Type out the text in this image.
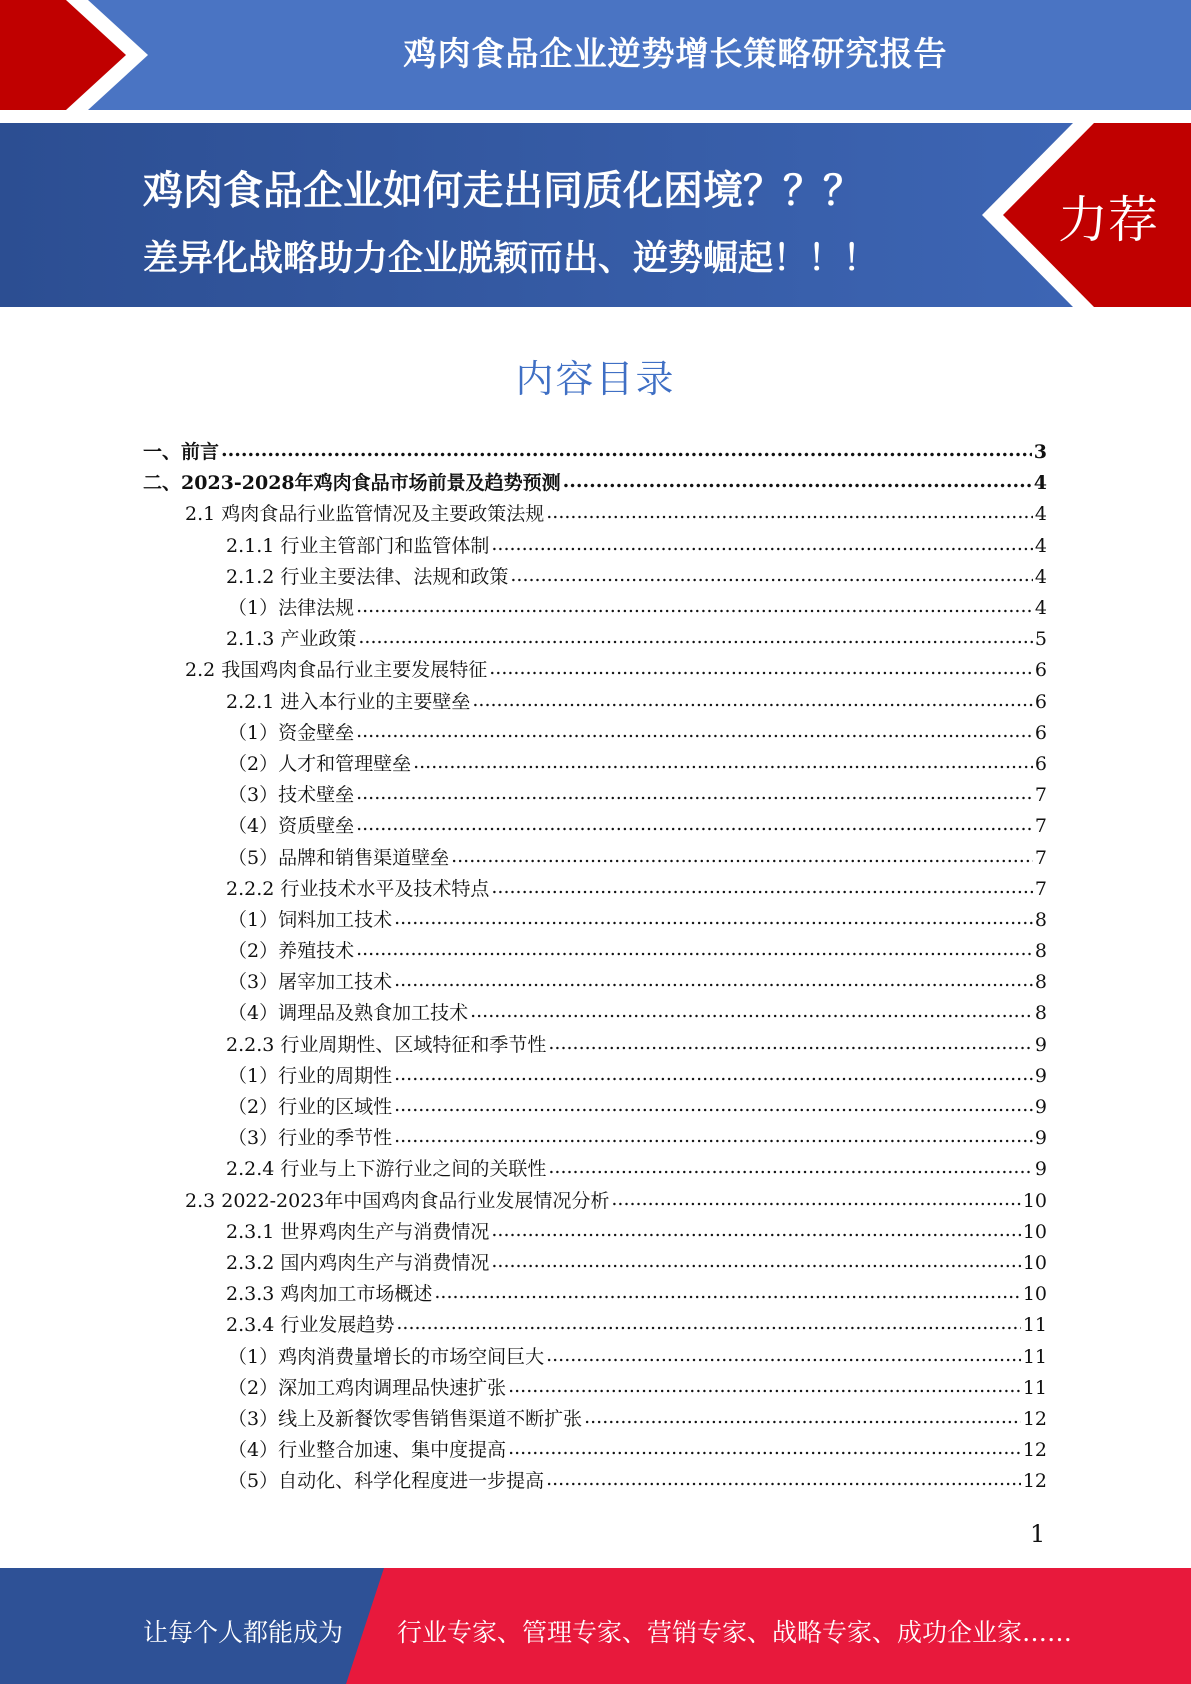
鸡肉食品企业逆势增长策略研究报告
鸡肉食品企业如何走出同质化困境？？？
差异化战略助力企业脱颖而出、逆势崛起！！！
力荐
内容目录
一、前言 .....	3
二、2023-2028年鸡肉食品市场前景及趋势预测 .....	4
2.1 鸡肉食品行业监管情况及主要政策法规 .....	4
2.1.1 行业主管部门和监管体制 .....	4
2.1.2 行业主要法律、法规和政策 .....	4
（1）法律法规 .....	4
2.1.3 产业政策 .....	5
2.2 我国鸡肉食品行业主要发展特征 .....	6
2.2.1 进入本行业的主要壁垒 .....	6
（1）资金壁垒 .....	6
（2）人才和管理壁垒 .....	6
（3）技术壁垒 .....	7
（4）资质壁垒 .....	7
（5）品牌和销售渠道壁垒 .....	7
2.2.2 行业技术水平及技术特点 .....	7
（1）饲料加工技术 .....	8
（2）养殖技术 .....	8
（3）屠宰加工技术 .....	8
（4）调理品及熟食加工技术 .....	8
2.2.3 行业周期性、区域特征和季节性 .....	9
（1）行业的周期性 .....	9
（2）行业的区域性 .....	9
（3）行业的季节性 .....	9
2.2.4 行业与上下游行业之间的关联性 .....	9
2.3 2022-2023年中国鸡肉食品行业发展情况分析 .....	10
2.3.1 世界鸡肉生产与消费情况 .....	10
2.3.2 国内鸡肉生产与消费情况 .....	10
2.3.3 鸡肉加工市场概述 .....	10
2.3.4 行业发展趋势 .....	11
（1）鸡肉消费量增长的市场空间巨大 .....	11
（2）深加工鸡肉调理品快速扩张 .....	11
（3）线上及新餐饮零售销售渠道不断扩张 .....	12
（4）行业整合加速、集中度提高 .....	12
（5）自动化、科学化程度进一步提高 .....	12
1
让每个人都能成为 行业专家、管理专家、营销专家、战略专家、成功企业家……
